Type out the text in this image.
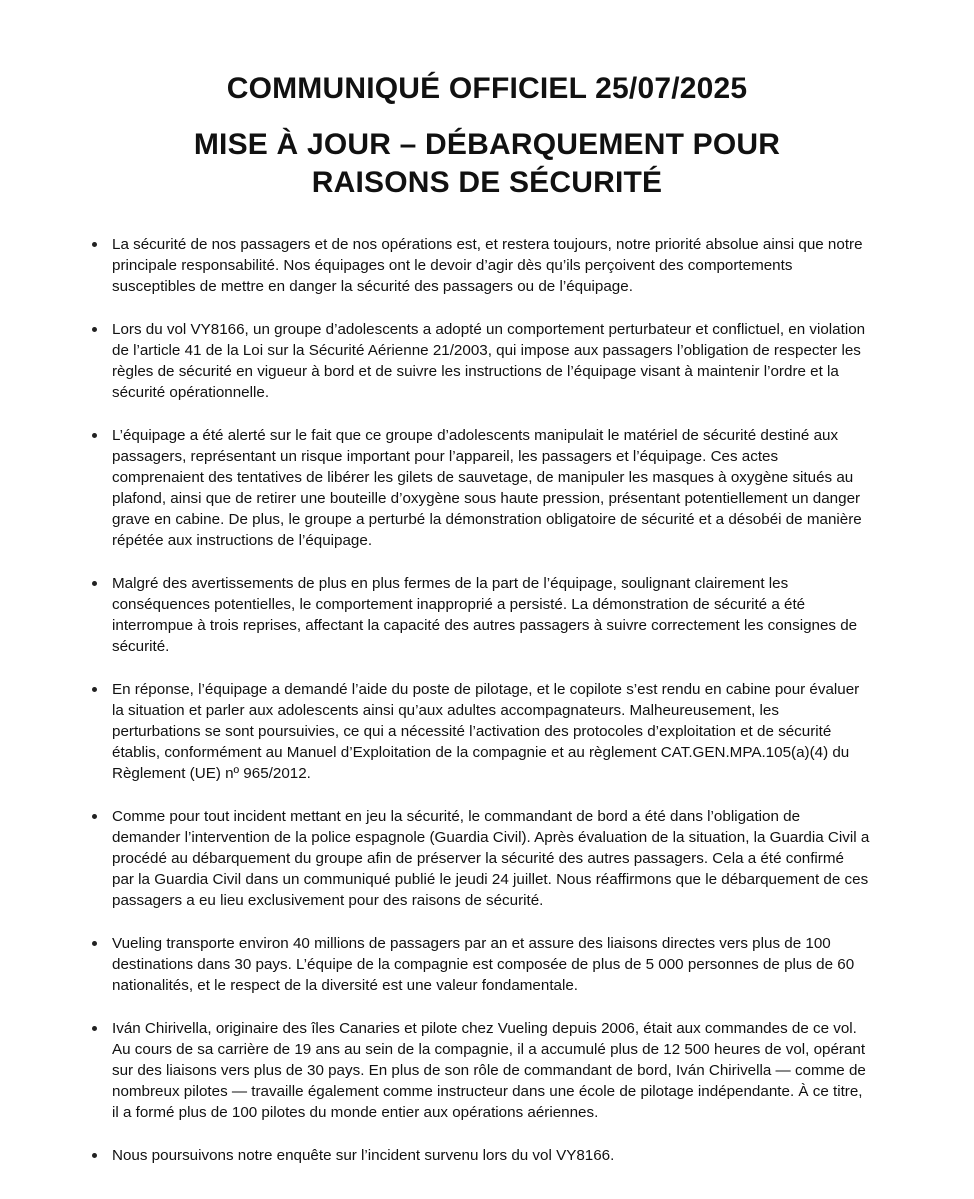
COMMUNIQUÉ OFFICIEL 25/07/2025
MISE À JOUR – DÉBARQUEMENT POUR
RAISONS DE SÉCURITÉ
La sécurité de nos passagers et de nos opérations est, et restera toujours, notre priorité absolue ainsi que notre principale responsabilité. Nos équipages ont le devoir d’agir dès qu’ils perçoivent des comportements susceptibles de mettre en danger la sécurité des passagers ou de l’équipage.
Lors du vol VY8166, un groupe d’adolescents a adopté un comportement perturbateur et conflictuel, en violation de l’article 41 de la Loi sur la Sécurité Aérienne 21/2003, qui impose aux passagers l’obligation de respecter les règles de sécurité en vigueur à bord et de suivre les instructions de l’équipage visant à maintenir l’ordre et la sécurité opérationnelle.
L’équipage a été alerté sur le fait que ce groupe d’adolescents manipulait le matériel de sécurité destiné aux passagers, représentant un risque important pour l’appareil, les passagers et l’équipage. Ces actes comprenaient des tentatives de libérer les gilets de sauvetage, de manipuler les masques à oxygène situés au plafond, ainsi que de retirer une bouteille d’oxygène sous haute pression, présentant potentiellement un danger grave en cabine. De plus, le groupe a perturbé la démonstration obligatoire de sécurité et a désobéi de manière répétée aux instructions de l’équipage.
Malgré des avertissements de plus en plus fermes de la part de l’équipage, soulignant clairement les conséquences potentielles, le comportement inapproprié a persisté. La démonstration de sécurité a été interrompue à trois reprises, affectant la capacité des autres passagers à suivre correctement les consignes de sécurité.
En réponse, l’équipage a demandé l’aide du poste de pilotage, et le copilote s’est rendu en cabine pour évaluer la situation et parler aux adolescents ainsi qu’aux adultes accompagnateurs. Malheureusement, les perturbations se sont poursuivies, ce qui a nécessité l’activation des protocoles d’exploitation et de sécurité établis, conformément au Manuel d’Exploitation de la compagnie et au règlement CAT.GEN.MPA.105(a)(4) du Règlement (UE) nº 965/2012.
Comme pour tout incident mettant en jeu la sécurité, le commandant de bord a été dans l’obligation de demander l’intervention de la police espagnole (Guardia Civil). Après évaluation de la situation, la Guardia Civil a procédé au débarquement du groupe afin de préserver la sécurité des autres passagers. Cela a été confirmé par la Guardia Civil dans un communiqué publié le jeudi 24 juillet. Nous réaffirmons que le débarquement de ces passagers a eu lieu exclusivement pour des raisons de sécurité.
Vueling transporte environ 40 millions de passagers par an et assure des liaisons directes vers plus de 100 destinations dans 30 pays. L’équipe de la compagnie est composée de plus de 5 000 personnes de plus de 60 nationalités, et le respect de la diversité est une valeur fondamentale.
Iván Chirivella, originaire des îles Canaries et pilote chez Vueling depuis 2006, était aux commandes de ce vol. Au cours de sa carrière de 19 ans au sein de la compagnie, il a accumulé plus de 12 500 heures de vol, opérant sur des liaisons vers plus de 30 pays. En plus de son rôle de commandant de bord, Iván Chirivella — comme de nombreux pilotes — travaille également comme instructeur dans une école de pilotage indépendante. À ce titre, il a formé plus de 100 pilotes du monde entier aux opérations aériennes.
Nous poursuivons notre enquête sur l’incident survenu lors du vol VY8166.
